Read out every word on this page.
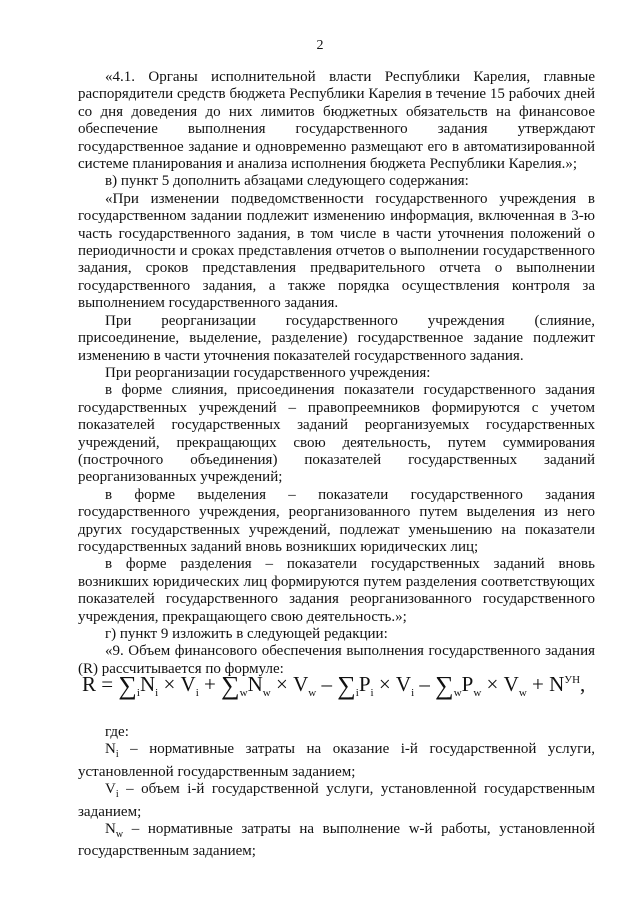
2

«4.1. Органы исполнительной власти Республики Карелия, главные распорядители средств бюджета Республики Карелия в течение 15 рабочих дней со дня доведения до них лимитов бюджетных обязательств на финансовое обеспечение выполнения государственного задания утверждают государственное задание и одновременно размещают его в автоматизированной системе планирования и анализа исполнения бюджета Республики Карелия.»;

в) пункт 5 дополнить абзацами следующего содержания:

«При изменении подведомственности государственного учреждения в государственном задании подлежит изменению информация, включенная в 3-ю часть государственного задания, в том числе в части уточнения положений о периодичности и сроках представления отчетов о выполнении государственного задания, сроков представления предварительного отчета о выполнении государственного задания, а также порядка осуществления контроля за выполнением государственного задания.

При реорганизации государственного учреждения (слияние, присоединение, выделение, разделение) государственное задание подлежит изменению в части уточнения показателей государственного задания.

При реорганизации государственного учреждения:

в форме слияния, присоединения показатели государственного задания государственных учреждений – правопреемников формируются с учетом показателей государственных заданий реорганизуемых государственных учреждений, прекращающих свою деятельность, путем суммирования (построчного объединения) показателей государственных заданий реорганизованных учреждений;

в форме выделения – показатели государственного задания государственного учреждения, реорганизованного путем выделения из него других государственных учреждений, подлежат уменьшению на показатели государственных заданий вновь возникших юридических лиц;

в форме разделения – показатели государственных заданий вновь возникших юридических лиц формируются путем разделения соответствующих показателей государственного задания реорганизованного государственного учреждения, прекращающего свою деятельность.»;

г) пункт 9 изложить в следующей редакции:

«9. Объем финансового обеспечения выполнения государственного задания (R) рассчитывается по формуле:

$R = \sum_iN_i \times V_i + \sum_wN_w \times V_w - \sum_iP_i \times V_i - \sum_wP_w \times V_w + N^{УН}$,

где:

$N_i$ – нормативные затраты на оказание i-й государственной услуги, установленной государственным заданием;

$V_i$ – объем i-й государственной услуги, установленной государственным заданием;

$N_w$ – нормативные затраты на выполнение w-й работы, установленной государственным заданием;
